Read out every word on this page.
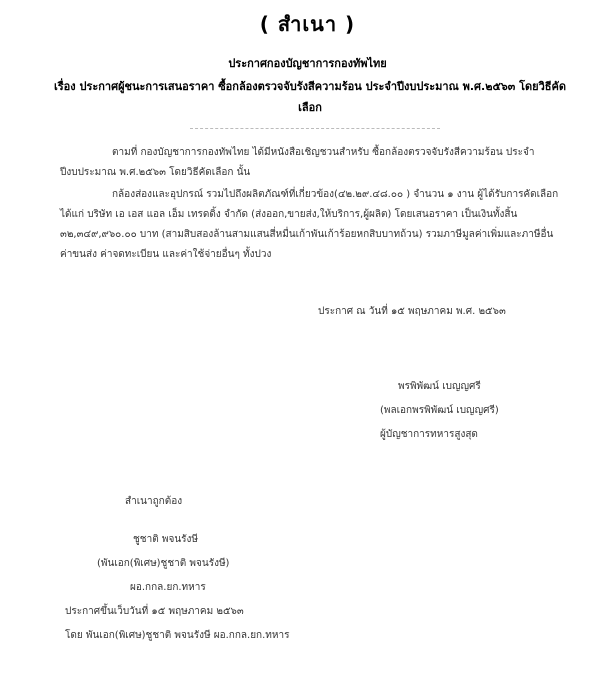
( สำเนา )
ประกาศกองบัญชาการกองทัพไทย
เรื่อง ประกาศผู้ชนะการเสนอราคา ซื้อกล้องตรวจจับรังสีความร้อน ประจำปีงบประมาณ พ.ศ.๒๕๖๓ โดยวิธีคัดเลือก
ตามที่ กองบัญชาการกองทัพไทย ได้มีหนังสือเชิญชวนสำหรับ ซื้อกล้องตรวจจับรังสีความร้อน ประจำปีงบประมาณ พ.ศ.๒๕๖๓ โดยวิธีคัดเลือก นั้น
กล้องส่องและอุปกรณ์ รวมไปถึงผลิตภัณฑ์ที่เกี่ยวข้อง(๔๒.๒๙.๔๘.๐๐ ) จำนวน ๑ งาน ผู้ได้รับการคัดเลือก ได้แก่ บริษัท เอ เอส แอล เอ็ม เทรดดิ้ง จำกัด (ส่งออก,ขายส่ง,ให้บริการ,ผู้ผลิต) โดยเสนอราคา เป็นเงินทั้งสิ้น ๓๒,๓๔๙,๙๖๐.๐๐ บาท (สามสิบสองล้านสามแสนสี่หมื่นเก้าพันเก้าร้อยหกสิบบาทถ้วน) รวมภาษีมูลค่าเพิ่มและภาษีอื่น ค่าขนส่ง ค่าจดทะเบียน และค่าใช้จ่ายอื่นๆ ทั้งปวง
ประกาศ ณ วันที่ ๑๕ พฤษภาคม พ.ศ. ๒๕๖๓
พรพิพัฒน์ เบญญศรี
(พลเอกพรพิพัฒน์ เบญญศรี)
ผู้บัญชาการทหารสูงสุด
สำเนาถูกต้อง
ชูชาติ พจนรังษี
(พันเอก(พิเศษ)ชูชาติ พจนรังษี)
ผอ.กกล.ยก.ทหาร
ประกาศขึ้นเว็บวันที่ ๑๕ พฤษภาคม ๒๕๖๓
โดย พันเอก(พิเศษ)ชูชาติ พจนรังษี ผอ.กกล.ยก.ทหาร
